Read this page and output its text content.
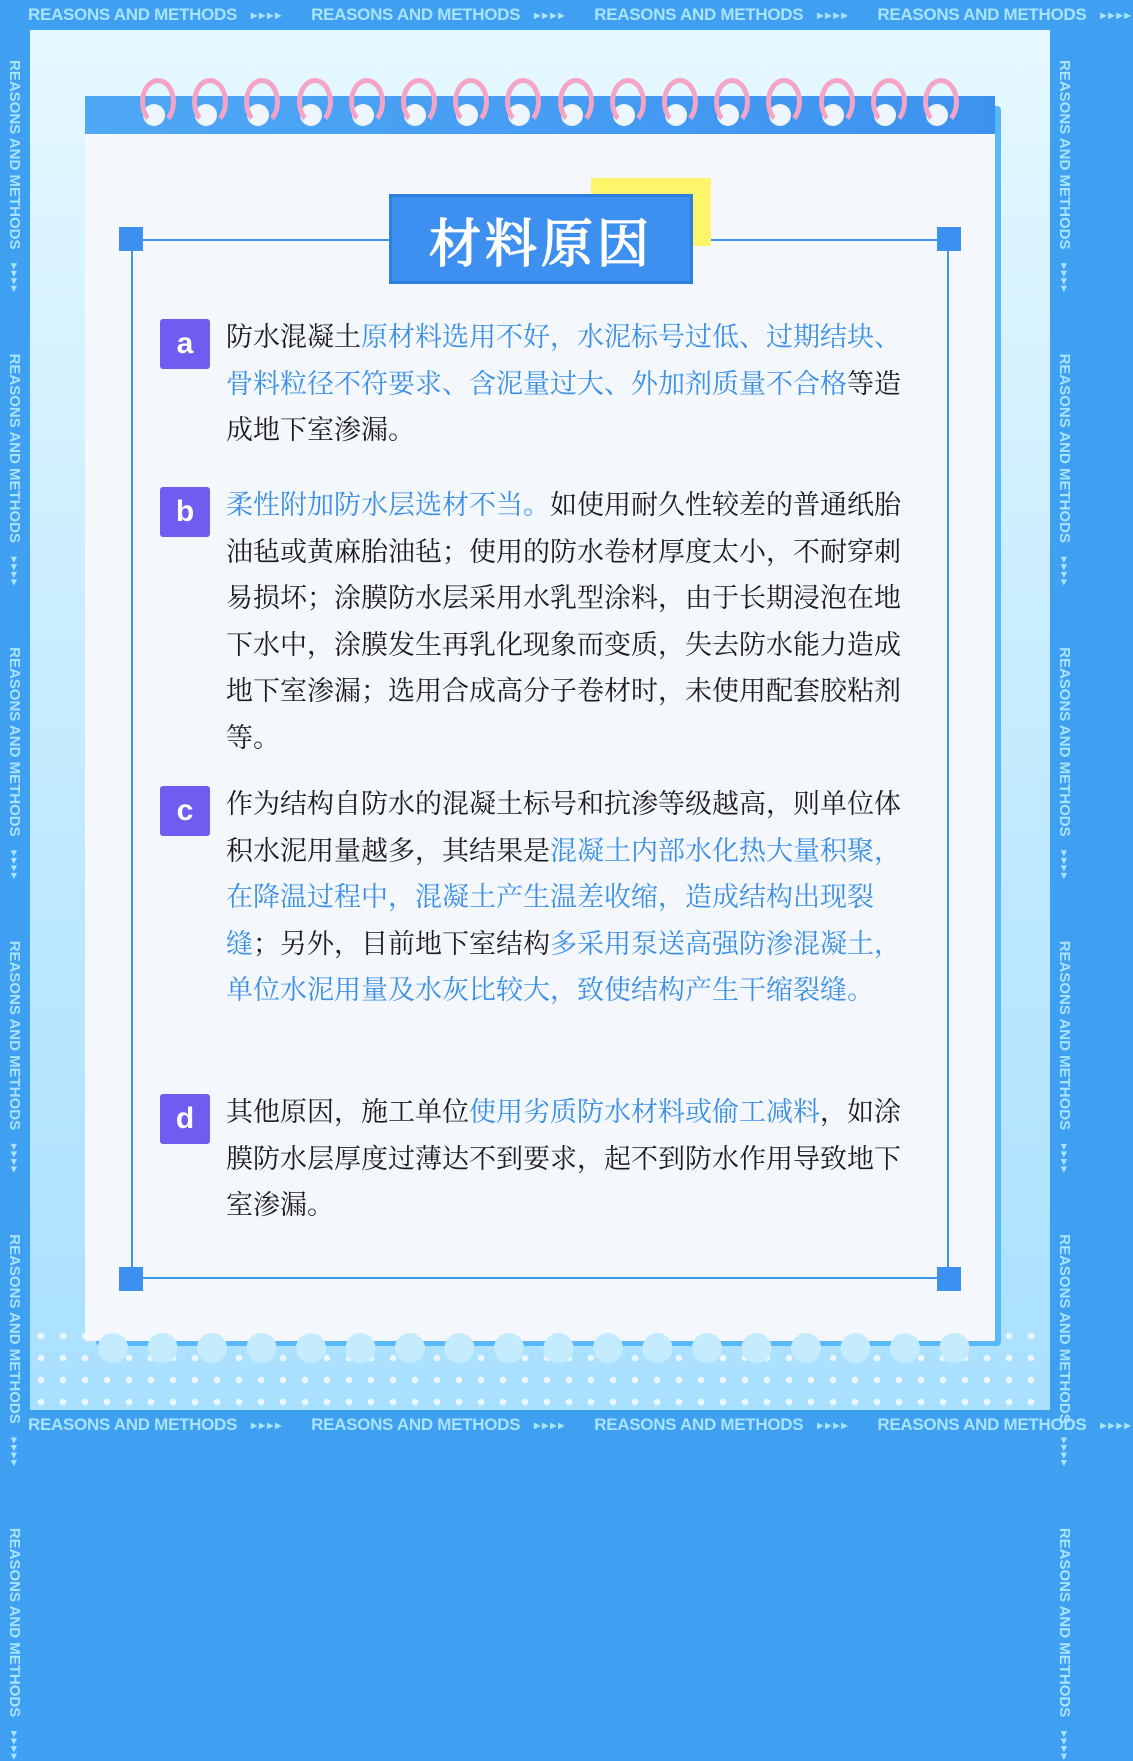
REASONS AND METHODS ▸▸▸▸ REASONS AND METHODS ▸▸▸▸ REASONS AND METHODS ▸▸▸▸ REASONS AND METHODS ▸▸▸▸
REASONS AND METHODS ▸▸▸▸ REASONS AND METHODS ▸▸▸▸ REASONS AND METHODS ▸▸▸▸ REASONS AND METHODS ▸▸▸▸
REASONS AND METHODS
▸▸▸▸
REASONS AND METHODS
▸▸▸▸
REASONS AND METHODS
▸▸▸▸
REASONS AND METHODS
▸▸▸▸
REASONS AND METHODS
▸▸▸▸
REASONS AND METHODS
▸▸▸▸
REASONS AND METHODS
▸▸▸▸
REASONS AND METHODS
▸▸▸▸
REASONS AND METHODS
▸▸▸▸
REASONS AND METHODS
▸▸▸▸
REASONS AND METHODS
▸▸▸▸
REASONS AND METHODS
▸▸▸▸
材料原因
a	防水混凝土原材料选用不好，水泥标号过低、过期结块、骨料粒径不符要求、含泥量过大、外加剂质量不合格等造成地下室渗漏。
b	柔性附加防水层选材不当。如使用耐久性较差的普通纸胎油毡或黄麻胎油毡；使用的防水卷材厚度太小，不耐穿刺易损坏；涂膜防水层采用水乳型涂料，由于长期浸泡在地下水中，涂膜发生再乳化现象而变质，失去防水能力造成地下室渗漏；选用合成高分子卷材时，未使用配套胶粘剂等。
c	作为结构自防水的混凝土标号和抗渗等级越高，则单位体积水泥用量越多，其结果是混凝土内部水化热大量积聚，在降温过程中，混凝土产生温差收缩，造成结构出现裂缝；另外，目前地下室结构多采用泵送高强防渗混凝土，单位水泥用量及水灰比较大，致使结构产生干缩裂缝。
d	其他原因，施工单位使用劣质防水材料或偷工减料，如涂膜防水层厚度过薄达不到要求，起不到防水作用导致地下室渗漏。
